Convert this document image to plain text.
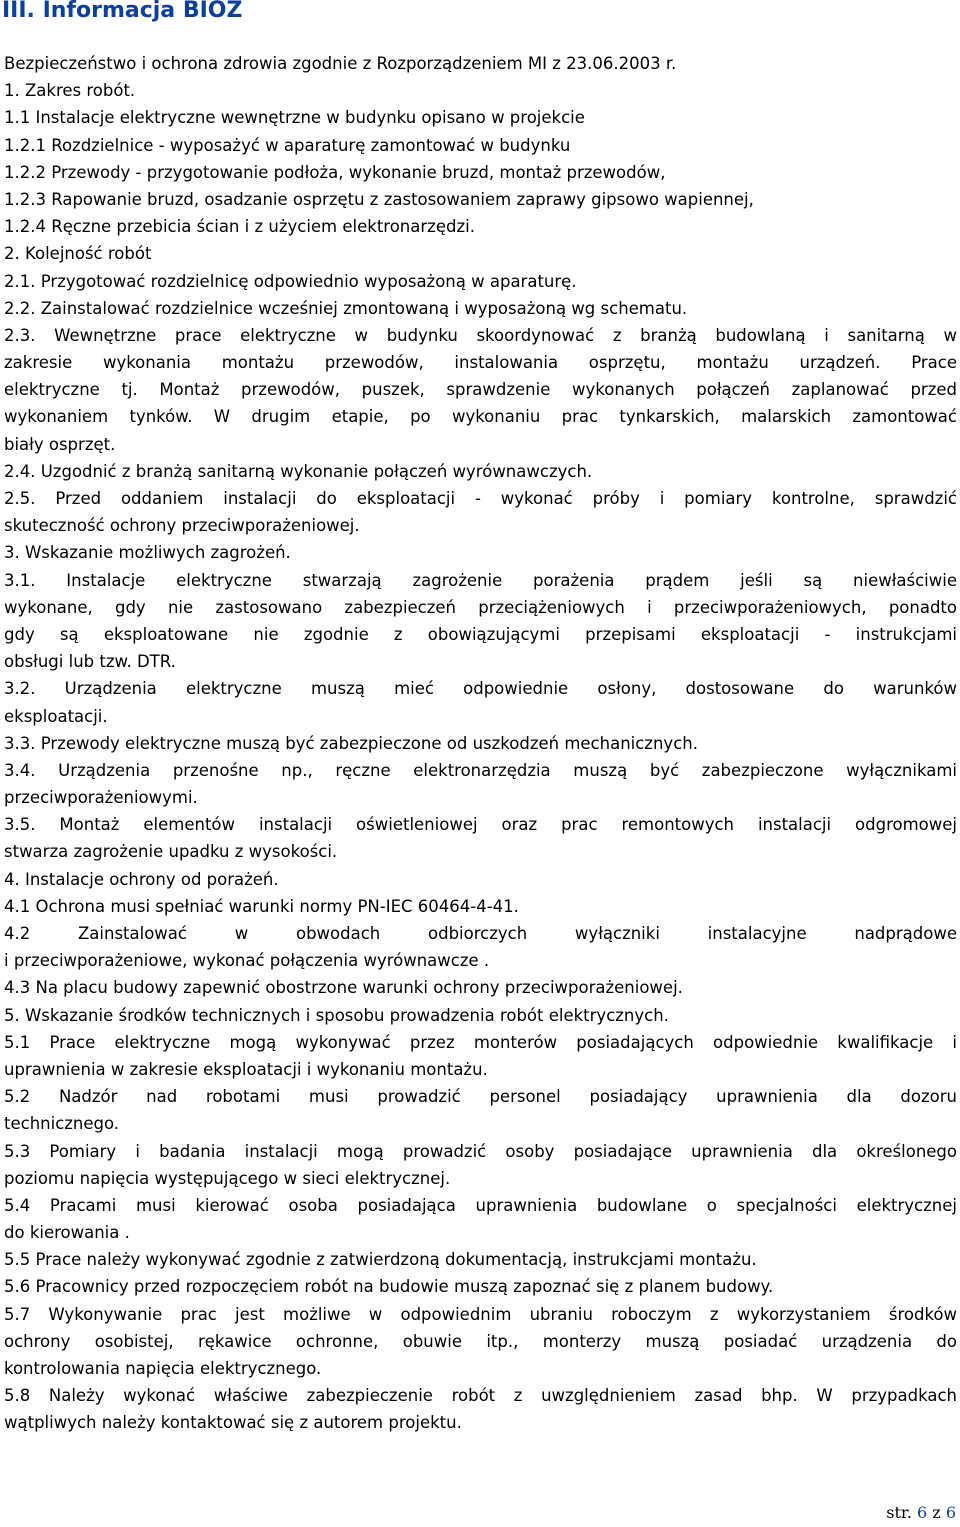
III. Informacja BIOZ
Bezpieczeństwo i ochrona zdrowia zgodnie z Rozporządzeniem MI z 23.06.2003 r.
1. Zakres robót.
1.1 Instalacje elektryczne wewnętrzne w budynku opisano w projekcie
1.2.1 Rozdzielnice - wyposażyć w aparaturę zamontować w budynku
1.2.2 Przewody - przygotowanie podłoża, wykonanie bruzd, montaż przewodów,
1.2.3 Rapowanie bruzd, osadzanie osprzętu z zastosowaniem zaprawy gipsowo wapiennej,
1.2.4 Ręczne przebicia ścian i z użyciem elektronarzędzi.
2. Kolejność robót
2.1. Przygotować rozdzielnicę odpowiednio wyposażoną w aparaturę.
2.2. Zainstalować rozdzielnice wcześniej zmontowaną i wyposażoną wg schematu.
2.3. Wewnętrzne prace elektryczne w budynku skoordynować z branżą budowlaną i sanitarną w
zakresie wykonania montażu przewodów, instalowania osprzętu, montażu urządzeń. Prace
elektryczne tj. Montaż przewodów, puszek, sprawdzenie wykonanych połączeń zaplanować przed
wykonaniem tynków. W drugim etapie, po wykonaniu prac tynkarskich, malarskich zamontować
biały osprzęt.
2.4. Uzgodnić z branżą sanitarną wykonanie połączeń wyrównawczych.
2.5. Przed oddaniem instalacji do eksploatacji - wykonać próby i pomiary kontrolne, sprawdzić
skuteczność ochrony przeciwporażeniowej.
3. Wskazanie możliwych zagrożeń.
3.1. Instalacje elektryczne stwarzają zagrożenie porażenia prądem jeśli są niewłaściwie
wykonane, gdy nie zastosowano zabezpieczeń przeciążeniowych i przeciwporażeniowych, ponadto
gdy są eksploatowane nie zgodnie z obowiązującymi przepisami eksploatacji - instrukcjami
obsługi lub tzw. DTR.
3.2. Urządzenia elektryczne muszą mieć odpowiednie osłony, dostosowane do warunków
eksploatacji.
3.3. Przewody elektryczne muszą być zabezpieczone od uszkodzeń mechanicznych.
3.4. Urządzenia przenośne np., ręczne elektronarzędzia muszą być zabezpieczone wyłącznikami
przeciwporażeniowymi.
3.5. Montaż elementów instalacji oświetleniowej oraz prac remontowych instalacji odgromowej
stwarza zagrożenie upadku z wysokości.
4. Instalacje ochrony od porażeń.
4.1 Ochrona musi spełniać warunki normy PN-IEC 60464-4-41.
4.2 Zainstalować w obwodach odbiorczych wyłączniki instalacyjne nadprądowe
i przeciwporażeniowe, wykonać połączenia wyrównawcze .
4.3 Na placu budowy zapewnić obostrzone warunki ochrony przeciwporażeniowej.
5. Wskazanie środków technicznych i sposobu prowadzenia robót elektrycznych.
5.1 Prace elektryczne mogą wykonywać przez monterów posiadających odpowiednie kwalifikacje i
uprawnienia w zakresie eksploatacji i wykonaniu montażu.
5.2 Nadzór nad robotami musi prowadzić personel posiadający uprawnienia dla dozoru
technicznego.
5.3 Pomiary i badania instalacji mogą prowadzić osoby posiadające uprawnienia dla określonego
poziomu napięcia występującego w sieci elektrycznej.
5.4 Pracami musi kierować osoba posiadająca uprawnienia budowlane o specjalności elektrycznej
do kierowania .
5.5 Prace należy wykonywać zgodnie z zatwierdzoną dokumentacją, instrukcjami montażu.
5.6 Pracownicy przed rozpoczęciem robót na budowie muszą zapoznać się z planem budowy.
5.7 Wykonywanie prac jest możliwe w odpowiednim ubraniu roboczym z wykorzystaniem środków
ochrony osobistej, rękawice ochronne, obuwie itp., monterzy muszą posiadać urządzenia do
kontrolowania napięcia elektrycznego.
5.8 Należy wykonać właściwe zabezpieczenie robót z uwzględnieniem zasad bhp. W przypadkach
wątpliwych należy kontaktować się z autorem projektu.
str. 6 z 6
